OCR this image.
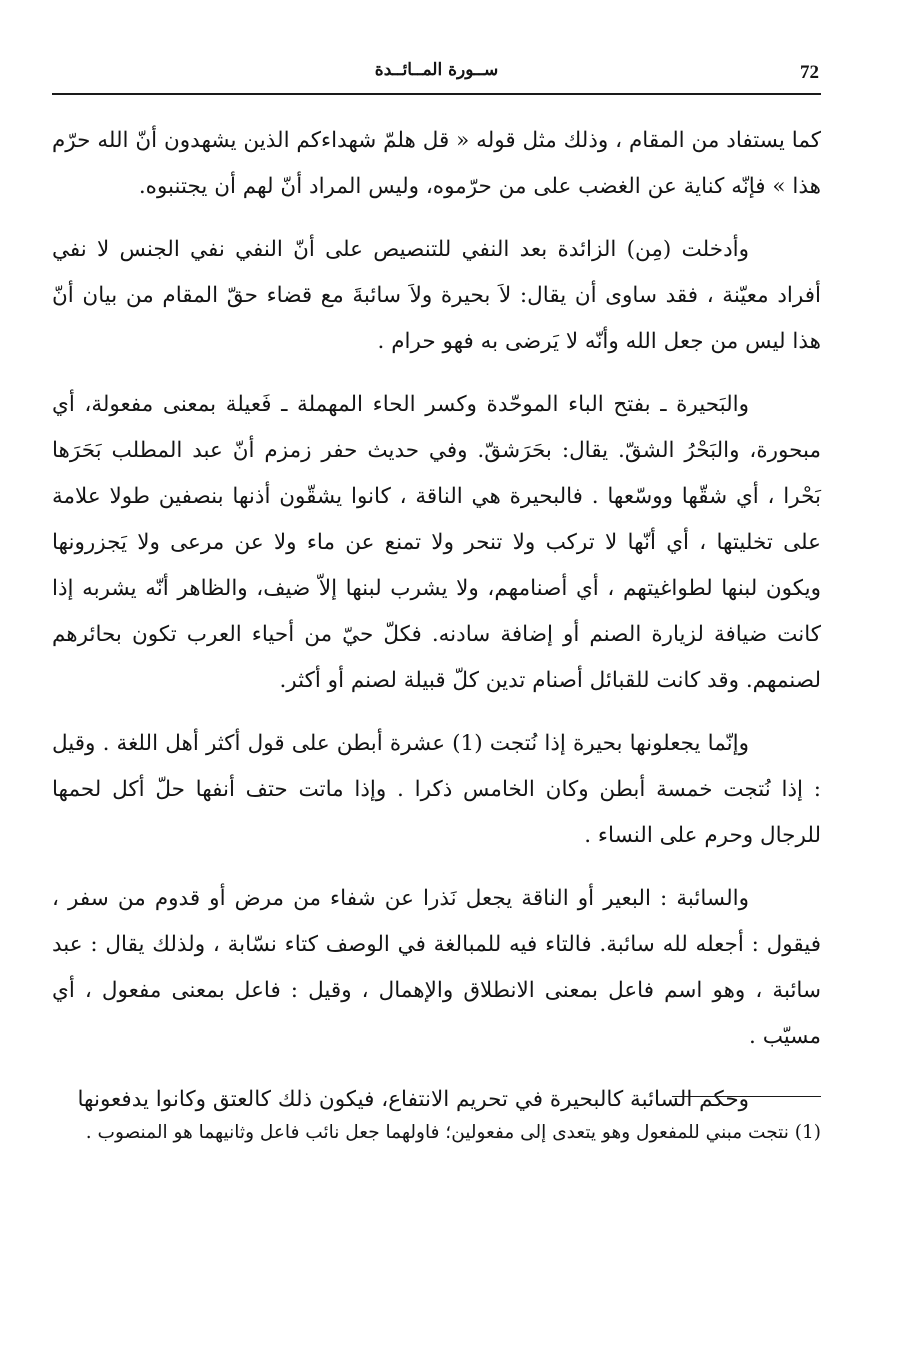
72
ســورة المــائــدة

كما يستفاد من المقام ، وذلك مثل قوله « قل هلمّ شهداءكم الذين يشهدون أنّ الله حرّم هذا » فإنّه كناية عن الغضب على من حرّموه، وليس المراد أنّ لهم أن يجتنبوه.

وأدخلت (مِن) الزائدة بعد النفي للتنصيص على أنّ النفي نفي الجنس لا نفي أفراد معيّنة ، فقد ساوى أن يقال: لاَ بحيرة ولاَ سائبةَ مع قضاء حقّ المقام من بيان أنّ هذا ليس من جعل الله وأنّه لا يَرضى به فهو حرام .

والبَحيرة ـ بفتح الباء الموحّدة وكسر الحاء المهملة ـ فَعيلة بمعنى مفعولة، أي مبحورة، والبَحْرُ الشقّ. يقال: بحَرَشقّ. وفي حديث حفر زمزم أنّ عبد المطلب بَحَرَها بَحْرا ، أي شقّها ووسّعها . فالبحيرة هي الناقة ، كانوا يشقّون أذنها بنصفين طولا علامة على تخليتها ، أي أنّها لا تركب ولا تنحر ولا تمنع عن ماء ولا عن مرعى ولا يَجزرونها ويكون لبنها لطواغيتهم ، أي أصنامهم، ولا يشرب لبنها إلاّ ضيف، والظاهر أنّه يشربه إذا كانت ضيافة لزيارة الصنم أو إضافة سادنه. فكلّ حيّ من أحياء العرب تكون بحائرهم لصنمهم. وقد كانت للقبائل أصنام تدين كلّ قبيلة لصنم أو أكثر.

وإنّما يجعلونها بحيرة إذا نُتجت (1) عشرة أبطن على قول أكثر أهل اللغة . وقيل : إذا نُتجت خمسة أبطن وكان الخامس ذكرا . وإذا ماتت حتف أنفها حلّ أكل لحمها للرجال وحرم على النساء .

والسائبة : البعير أو الناقة يجعل نَذرا عن شفاء من مرض أو قدوم من سفر ، فيقول : أجعله لله سائبة. فالتاء فيه للمبالغة في الوصف كتاء نسّابة ، ولذلك يقال : عبد سائبة ، وهو اسم فاعل بمعنى الانطلاق والإهمال ، وقيل : فاعل بمعنى مفعول ، أي مسيّب .

وحكم السائبة كالبحيرة في تحريم الانتفاع، فيكون ذلك كالعتق وكانوا يدفعونها

(1) نتجت مبني للمفعول وهو يتعدى إلى مفعولين؛ فاولهما جعل نائب فاعل وثانيهما هو المنصوب .
